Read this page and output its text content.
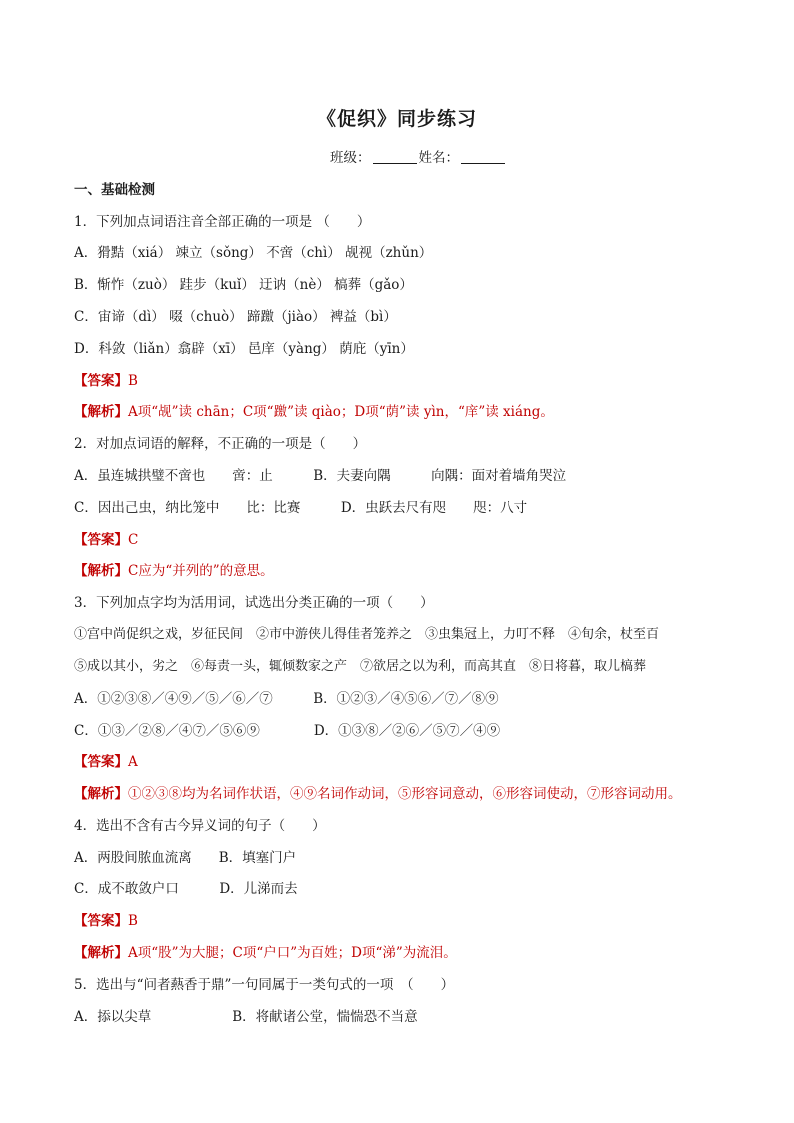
《促织》同步练习
班级：	姓名：
一、基础检测
1．下列加点词语注音全部正确的一项是 （　　）
A．猾黠（xiá） 竦立（sǒng） 不啻（chì） 觇视（zhǔn）
B．惭怍（zuò） 跬步（kuǐ） 迂讷（nè） 槁葬（gǎo）
C．宙谛（dì） 啜（chuò） 蹄躈（jiào） 裨益（bì）
D．科敛（liǎn）翕辟（xī） 邑庠（yàng） 荫庇（yīn）
【答案】B
【解析】A项“觇”读 chān；C项“躈”读 qiào；D项“荫”读 yìn，“庠”读 xiáng。
2．对加点词语的解释，不正确的一项是（　　）
A．虽连城拱璧不啻也　　啻：止　　　B．夫妻向隅　　　向隅：面对着墙角哭泣
C．因出己虫，纳比笼中　　比：比赛　　　D．虫跃去尺有咫　　咫：八寸
【答案】C
【解析】C应为“并列的”的意思。
3．下列加点字均为活用词，试选出分类正确的一项（　　）
①宫中尚促织之戏，岁征民间　②市中游侠儿得佳者笼养之　③虫集冠上，力叮不释　④旬余，杖至百
⑤成以其小，劣之　⑥每责一头，辄倾数家之产　⑦欲居之以为利，而高其直　⑧日将暮，取儿槁葬
A．①②③⑧／④⑨／⑤／⑥／⑦　　　B．①②③／④⑤⑥／⑦／⑧⑨
C．①③／②⑧／④⑦／⑤⑥⑨　　　　D．①③⑧／②⑥／⑤⑦／④⑨
【答案】A
【解析】①②③⑧均为名词作状语，④⑨名词作动词，⑤形容词意动，⑥形容词使动，⑦形容词动用。
4．选出不含有古今异义词的句子（　　）
A．两股间脓血流离　　B．填塞门户
C．成不敢敛户口　　　D．儿涕而去
【答案】B
【解析】A项“股”为大腿；C项“户口”为百姓；D项“涕”为流泪。
5．选出与“问者爇香于鼎”一句同属于一类句式的一项　（　　）
A．掭以尖草　　　　　　B．将献诸公堂，惴惴恐不当意
